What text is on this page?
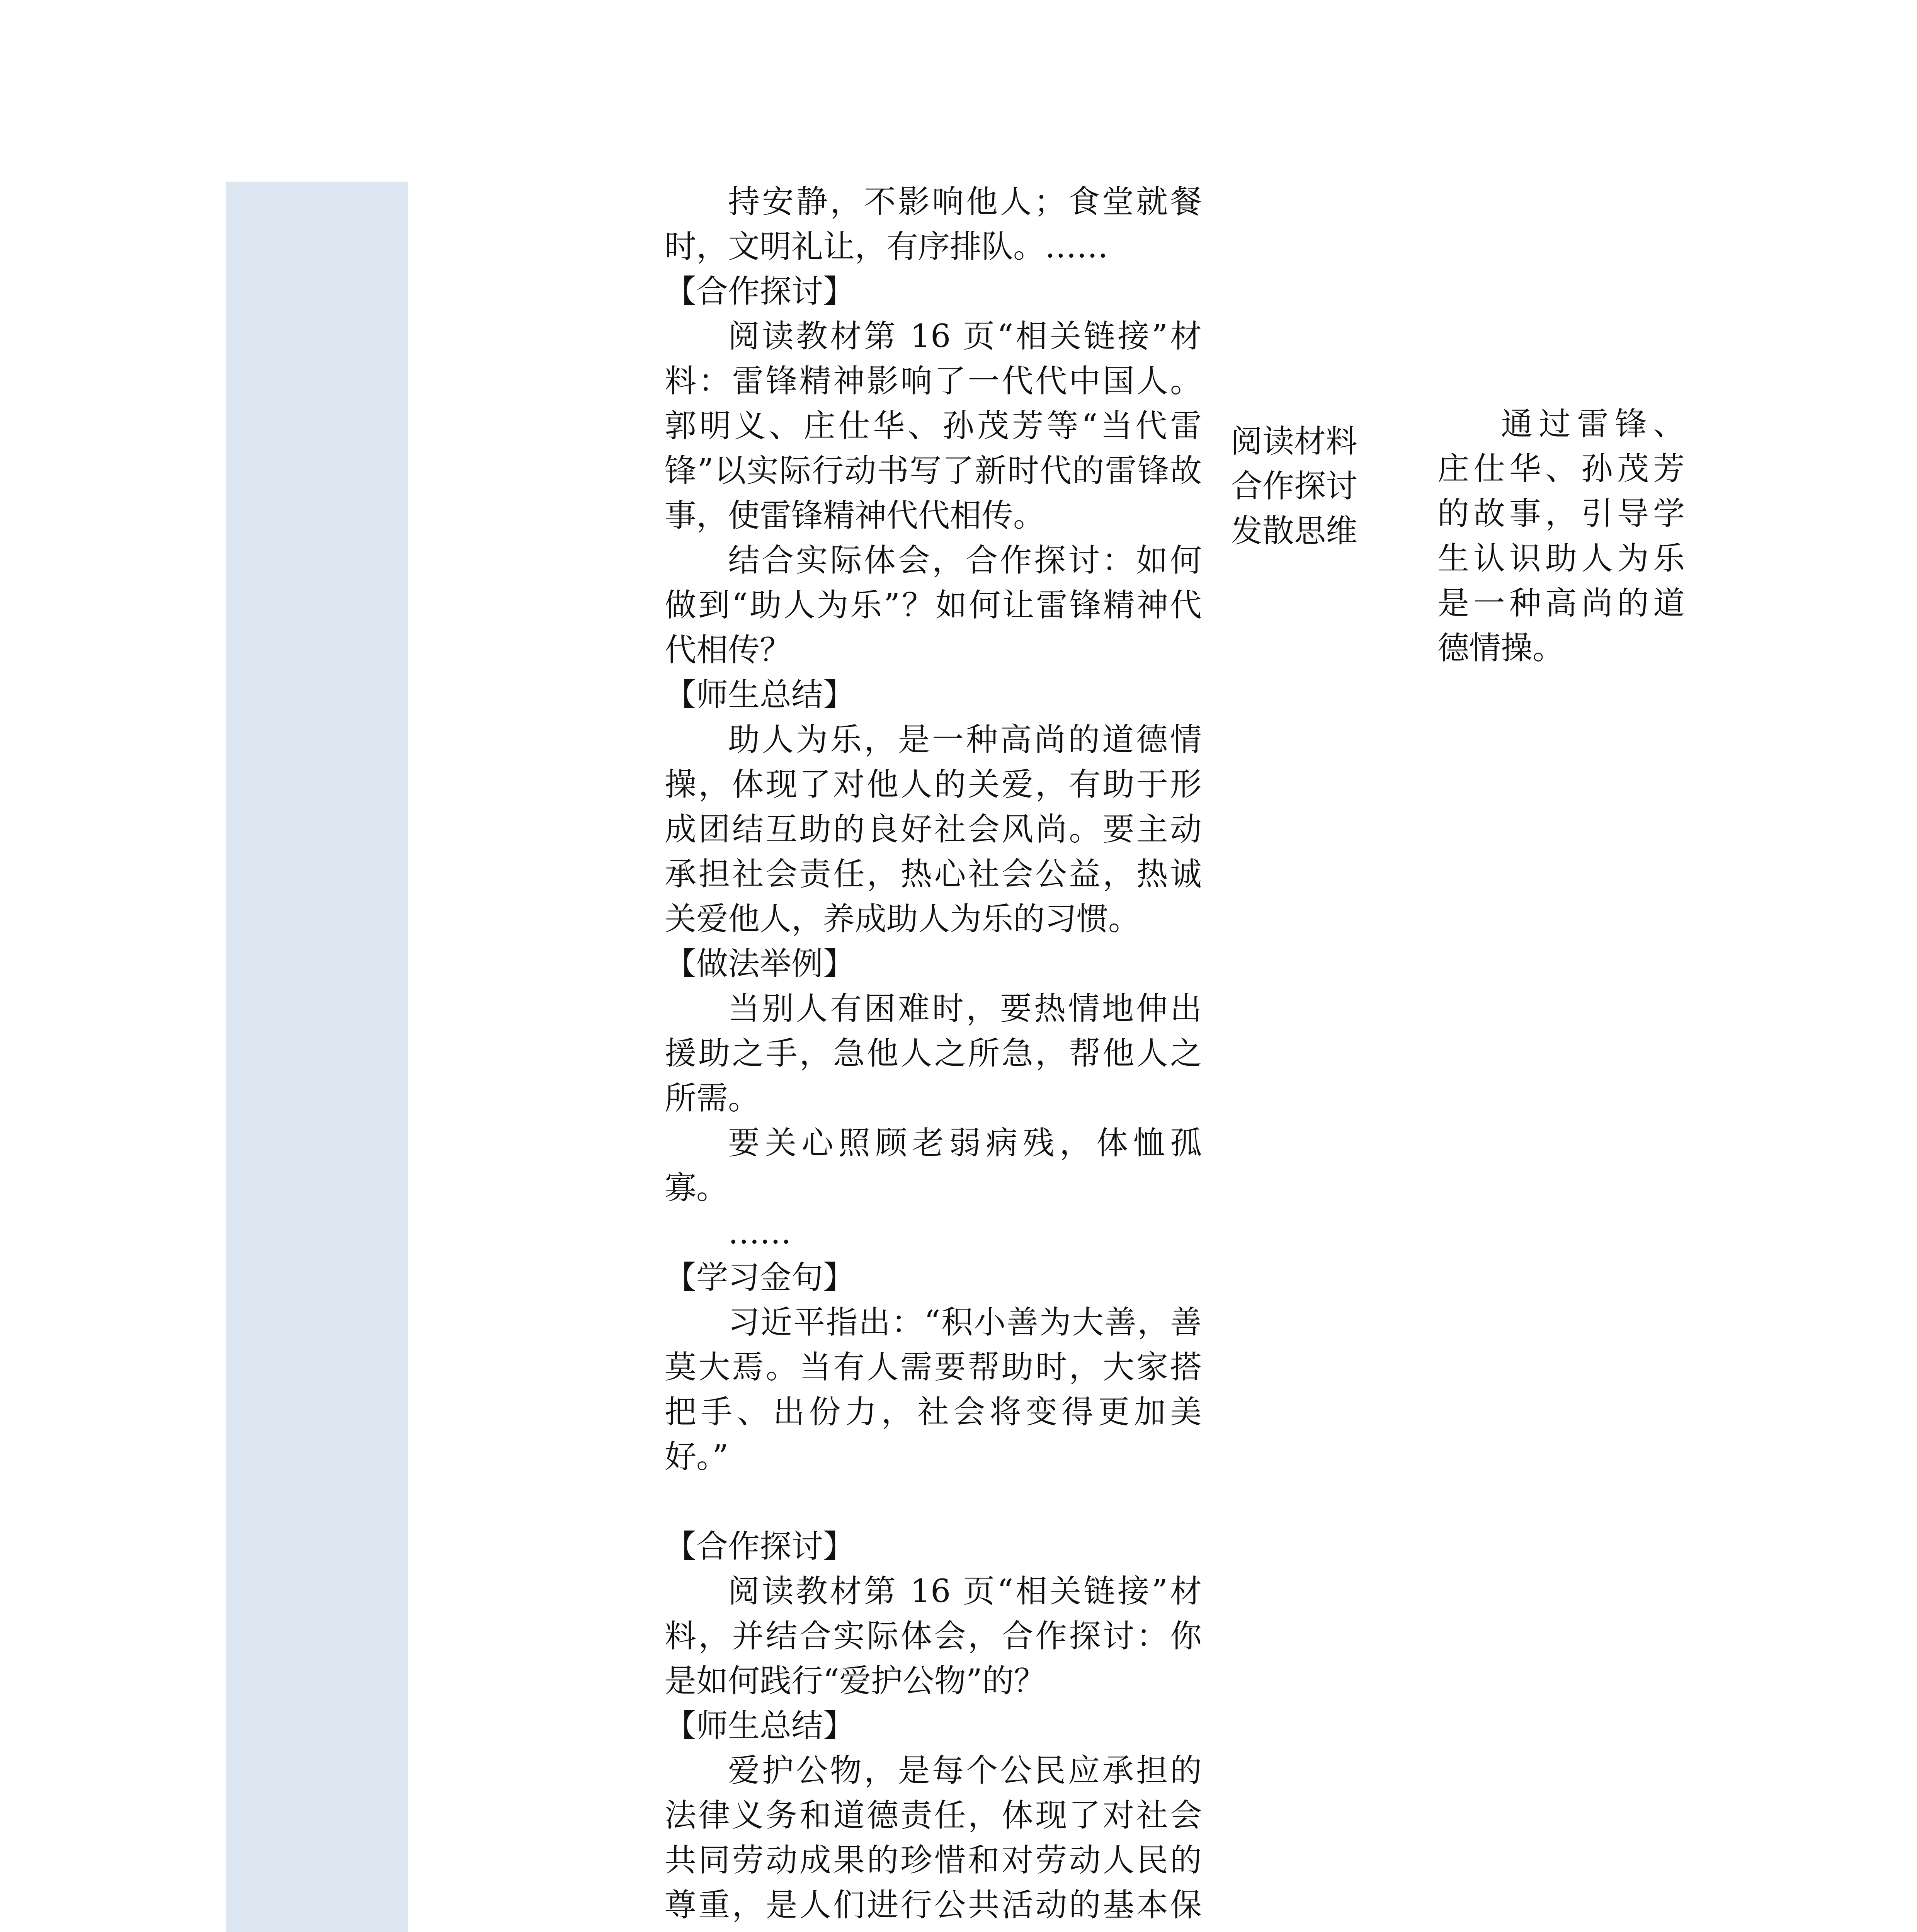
持安静，不影响他人；食堂就餐时，文明礼让，有序排队。……

【合作探讨】

阅读教材第 16 页“相关链接”材料：雷锋精神影响了一代代中国人。郭明义、庄仕华、孙茂芳等“当代雷锋”以实际行动书写了新时代的雷锋故事，使雷锋精神代代相传。

结合实际体会，合作探讨：如何做到“助人为乐”？如何让雷锋精神代代相传？

【师生总结】

助人为乐，是一种高尚的道德情操，体现了对他人的关爱，有助于形成团结互助的良好社会风尚。要主动承担社会责任，热心社会公益，热诚关爱他人，养成助人为乐的习惯。

【做法举例】

当别人有困难时，要热情地伸出援助之手，急他人之所急，帮他人之所需。

要关心照顾老弱病残，体恤孤寡。

……

【学习金句】

习近平指出：“积小善为大善，善莫大焉。当有人需要帮助时，大家搭把手、出份力，社会将变得更加美好。”

【合作探讨】

阅读教材第 16 页“相关链接”材料，并结合实际体会，合作探讨：你是如何践行“爱护公物”的？

【师生总结】

爱护公物，是每个公民应承担的法律义务和道德责任，体现了对社会共同劳动成果的珍惜和对劳动人民的尊重，是人们进行公共活动的基本保

阅读材料

合作探讨

发散思维

通过雷锋、庄仕华、孙茂芳的故事，引导学生认识助人为乐是一种高尚的道德情操。
